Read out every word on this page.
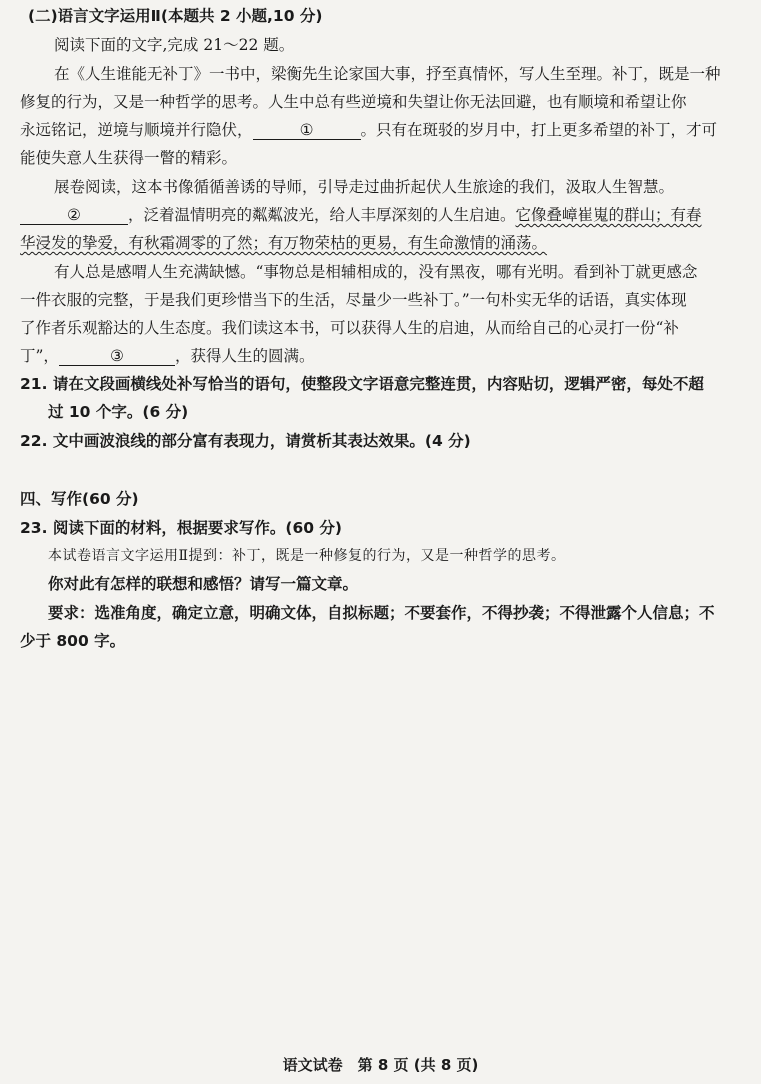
(二)语言文字运用Ⅱ(本题共 2 小题,10 分)
阅读下面的文字,完成 21～22 题。
在《人生谁能无补丁》一书中，梁衡先生论家国大事，抒至真情怀，写人生至理。补丁，既是一种
修复的行为，又是一种哲学的思考。人生中总有些逆境和失望让你无法回避，也有顺境和希望让你
永远铭记，逆境与顺境并行隐伏，	①	。只有在斑驳的岁月中，打上更多希望的补丁，才可
能使失意人生获得一瞥的精彩。
展卷阅读，这本书像循循善诱的导师，引导走过曲折起伏人生旅途的我们，汲取人生智慧。
②	，泛着温情明亮的粼粼波光，给人丰厚深刻的人生启迪。它像叠嶂崔嵬的群山；有春
华浸发的挚爱，有秋霜凋零的了然；有万物荣枯的更易，有生命激情的涌荡。
有人总是感喟人生充满缺憾。“事物总是相辅相成的，没有黑夜，哪有光明。看到补丁就更感念
一件衣服的完整，于是我们更珍惜当下的生活，尽量少一些补丁。”一句朴实无华的话语，真实体现
了作者乐观豁达的人生态度。我们读这本书，可以获得人生的启迪，从而给自己的心灵打一份“补
丁”，	③	，获得人生的圆满。
21. 请在文段画横线处补写恰当的语句，使整段文字语意完整连贯，内容贴切，逻辑严密，每处不超
过 10 个字。(6 分)
22. 文中画波浪线的部分富有表现力，请赏析其表达效果。(4 分)
四、写作(60 分)
23. 阅读下面的材料，根据要求写作。(60 分)
本试卷语言文字运用Ⅱ提到：补丁，既是一种修复的行为，又是一种哲学的思考。
你对此有怎样的联想和感悟？请写一篇文章。
要求：选准角度，确定立意，明确文体，自拟标题；不要套作，不得抄袭；不得泄露个人信息；不
少于 800 字。
语文试卷　第 8 页 (共 8 页)
